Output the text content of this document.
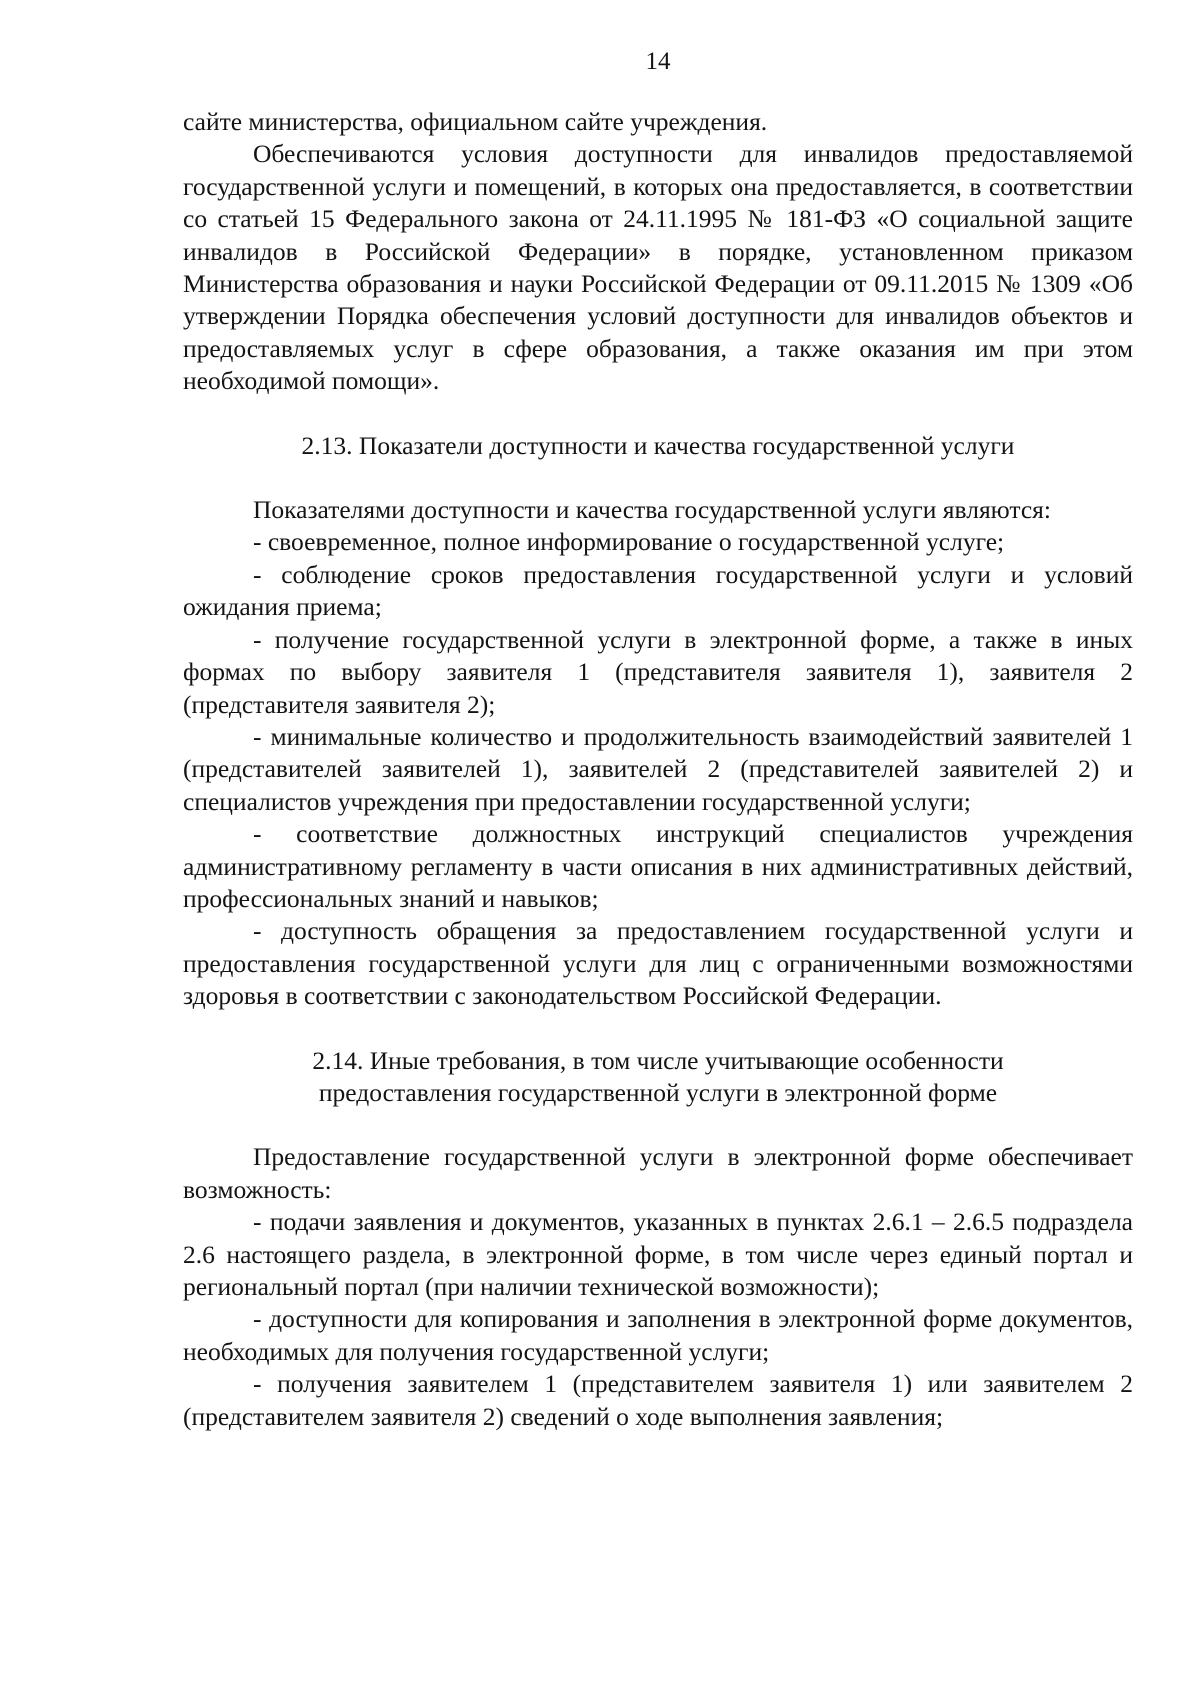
14

сайте министерства, официальном сайте учреждения.

Обеспечиваются условия доступности для инвалидов предоставляемой государственной услуги и помещений, в которых она предоставляется, в соответствии со статьей 15 Федерального закона от 24.11.1995 № 181-ФЗ «О социальной защите инвалидов в Российской Федерации» в порядке, установленном приказом Министерства образования и науки Российской Федерации от 09.11.2015 № 1309 «Об утверждении Порядка обеспечения условий доступности для инвалидов объектов и предоставляемых услуг в сфере образования, а также оказания им при этом необходимой помощи».

2.13. Показатели доступности и качества государственной услуги

Показателями доступности и качества государственной услуги являются:

- своевременное, полное информирование о государственной услуге;

- соблюдение сроков предоставления государственной услуги и условий ожидания приема;

- получение государственной услуги в электронной форме, а также в иных формах по выбору заявителя 1 (представителя заявителя 1), заявителя 2 (представителя заявителя 2);

- минимальные количество и продолжительность взаимодействий заявителей 1 (представителей заявителей 1), заявителей 2 (представителей заявителей 2) и специалистов учреждения при предоставлении государственной услуги;

- соответствие должностных инструкций специалистов учреждения административному регламенту в части описания в них административных действий, профессиональных знаний и навыков;

- доступность обращения за предоставлением государственной услуги и предоставления государственной услуги для лиц с ограниченными возможностями здоровья в соответствии с законодательством Российской Федерации.

2.14. Иные требования, в том числе учитывающие особенности

предоставления государственной услуги в электронной форме

Предоставление государственной услуги в электронной форме обеспечивает возможность:

- подачи заявления и документов, указанных в пунктах 2.6.1 – 2.6.5 подраздела 2.6 настоящего раздела, в электронной форме, в том числе через единый портал и региональный портал (при наличии технической возможности);

- доступности для копирования и заполнения в электронной форме документов, необходимых для получения государственной услуги;

- получения заявителем 1 (представителем заявителя 1) или заявителем 2 (представителем заявителя 2) сведений о ходе выполнения заявления;
